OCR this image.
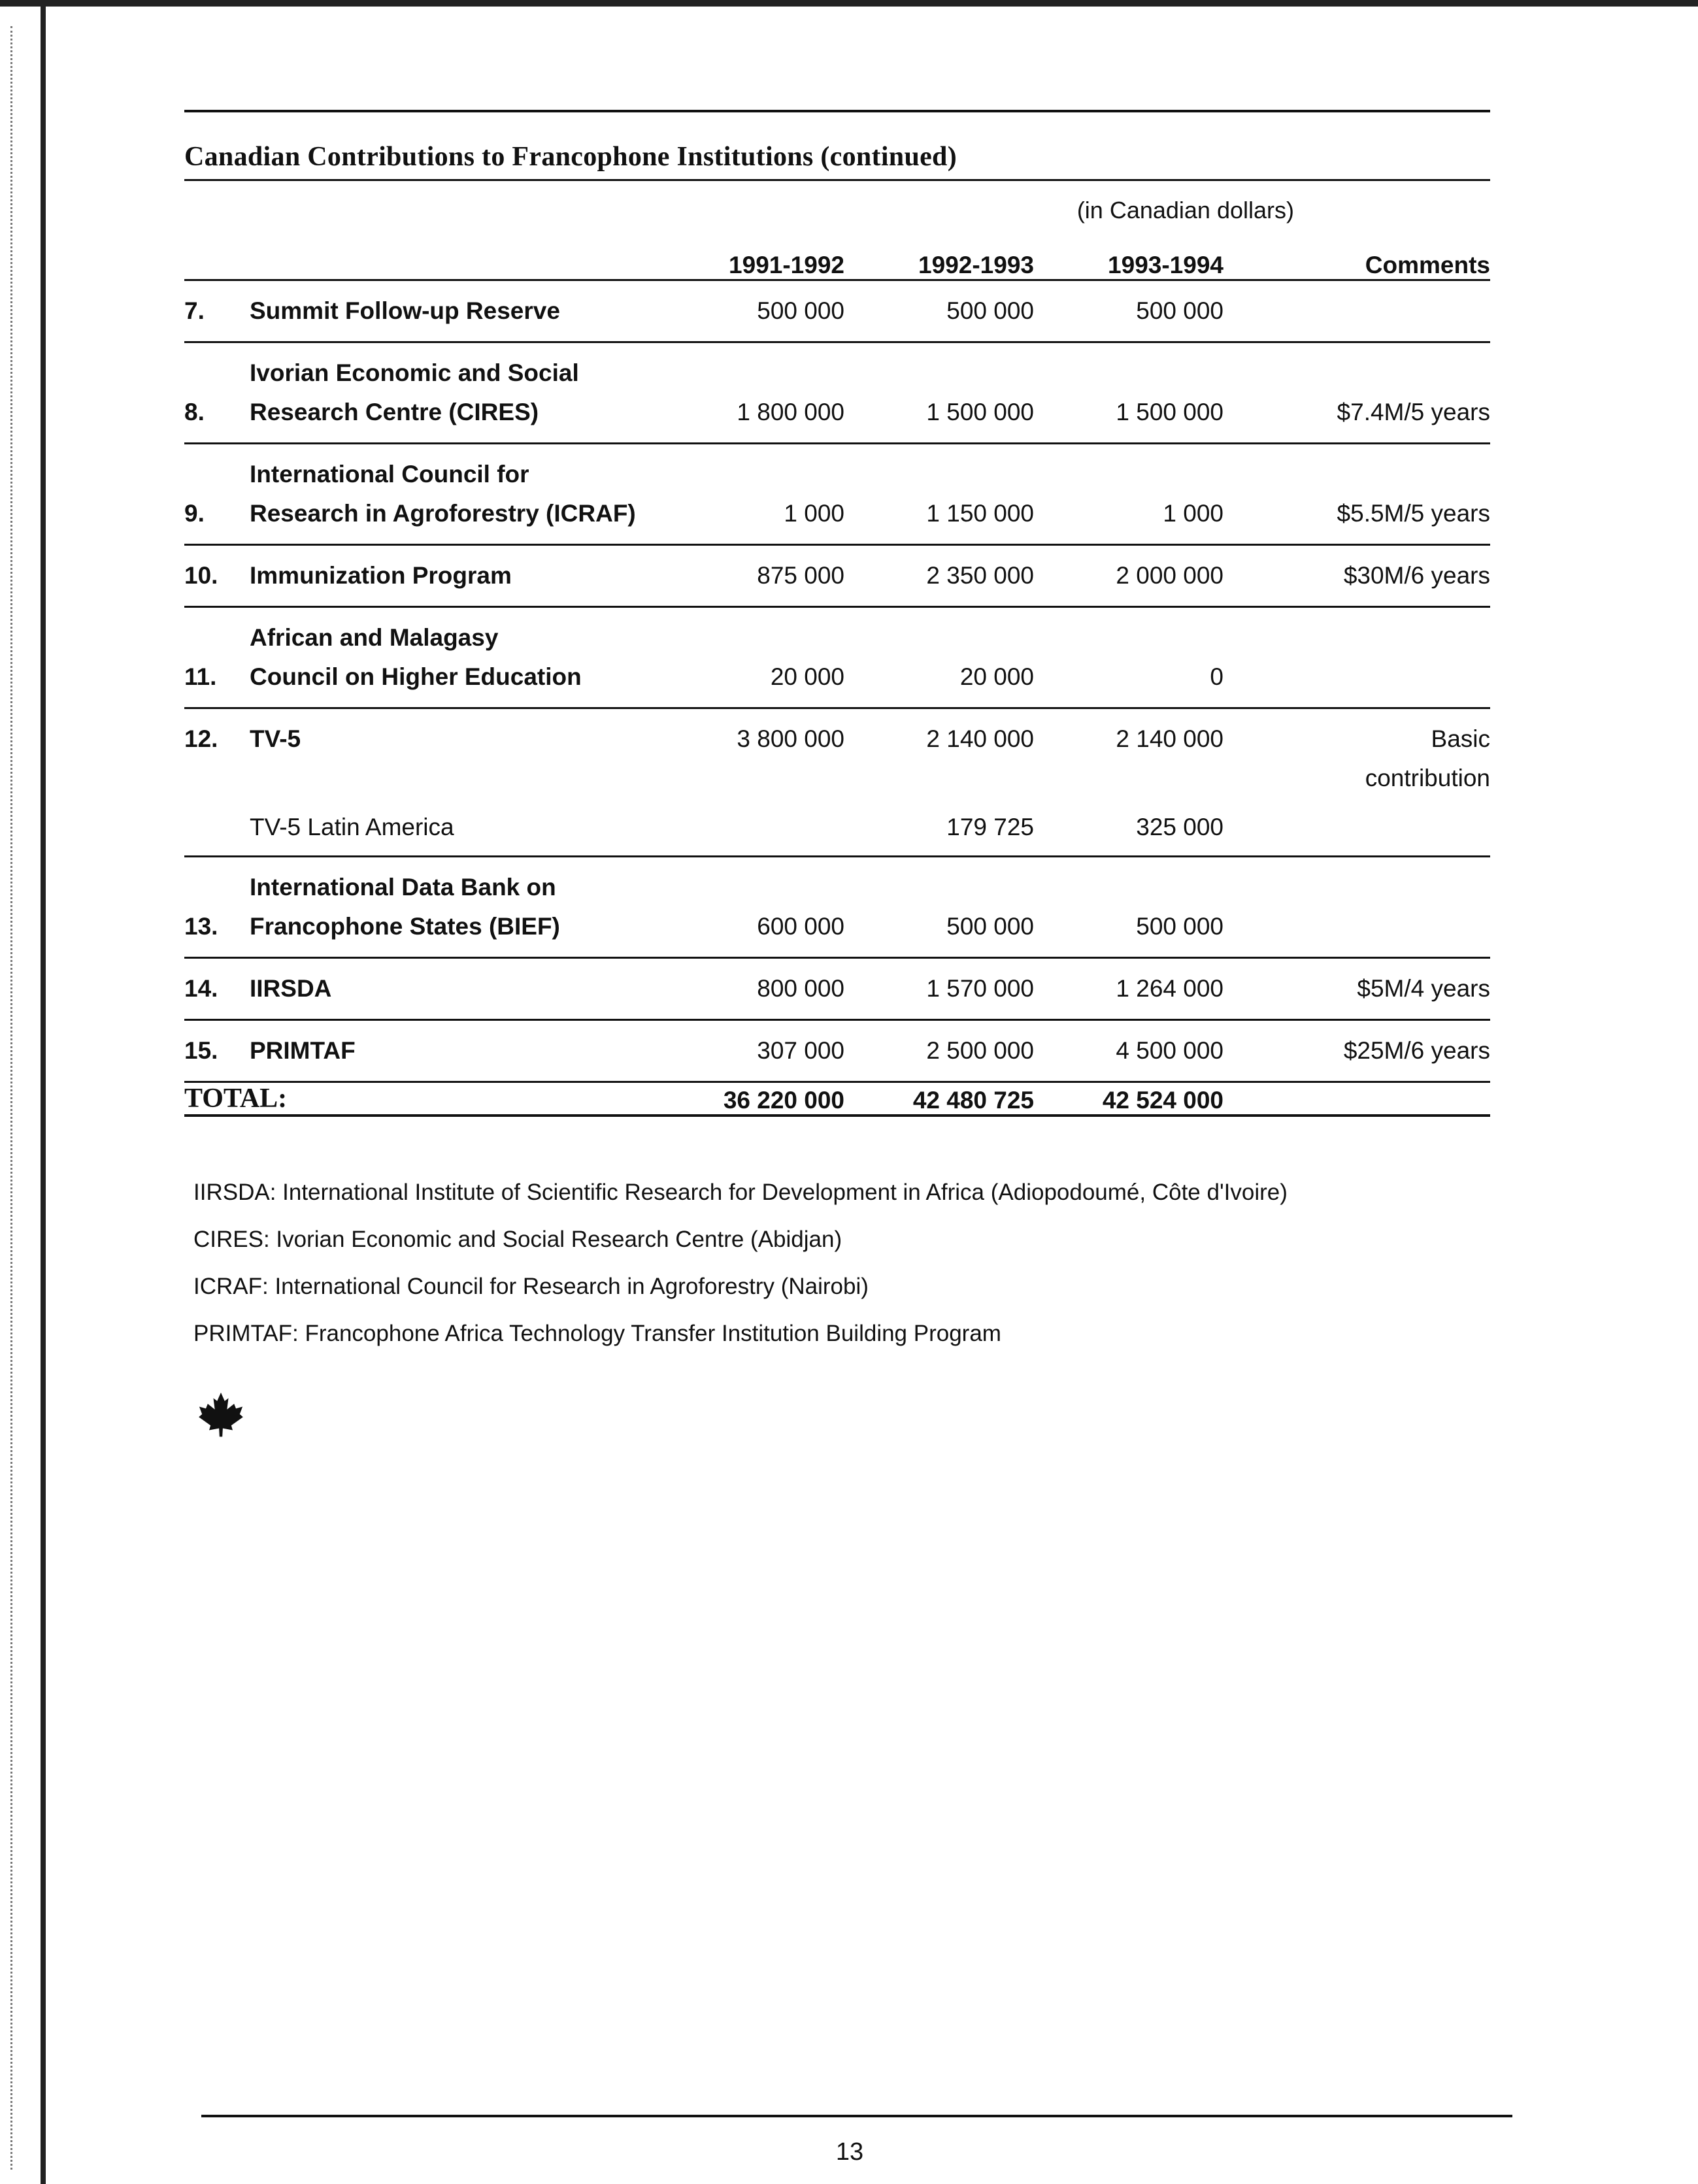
Canadian Contributions to Francophone Institutions (continued)
(in Canadian dollars)					
		1991-1992	1992-1993	1993-1994	Comments
7.	Summit Follow-up Reserve	500 000	500 000	500 000	
8.	Ivorian Economic and Social
Research Centre (CIRES)	1 800 000	1 500 000	1 500 000	$7.4M/5 years
9.	International Council for
Research in Agroforestry (ICRAF)	1 000	1 150 000	1 000	$5.5M/5 years
10.	Immunization Program	875 000	2 350 000	2 000 000	$30M/6 years
11.	African and Malagasy
Council on Higher Education	20 000	20 000	0	
12.	TV-5	3 800 000	2 140 000	2 140 000	Basic
contribution

	TV-5 Latin America		179 725	325 000	
13.	International Data Bank on
Francophone States (BIEF)	600 000	500 000	500 000	
14.	IIRSDA	800 000	1 570 000	1 264 000	$5M/4 years
15.	PRIMTAF	307 000	2 500 000	4 500 000	$25M/6 years
TOTAL:		36 220 000	42 480 725	42 524 000	
IIRSDA: International Institute of Scientific Research for Development in Africa (Adiopodoumé, Côte d'Ivoire)
CIRES: Ivorian Economic and Social Research Centre (Abidjan)
ICRAF: International Council for Research in Agroforestry (Nairobi)
PRIMTAF: Francophone Africa Technology Transfer Institution Building Program
13
